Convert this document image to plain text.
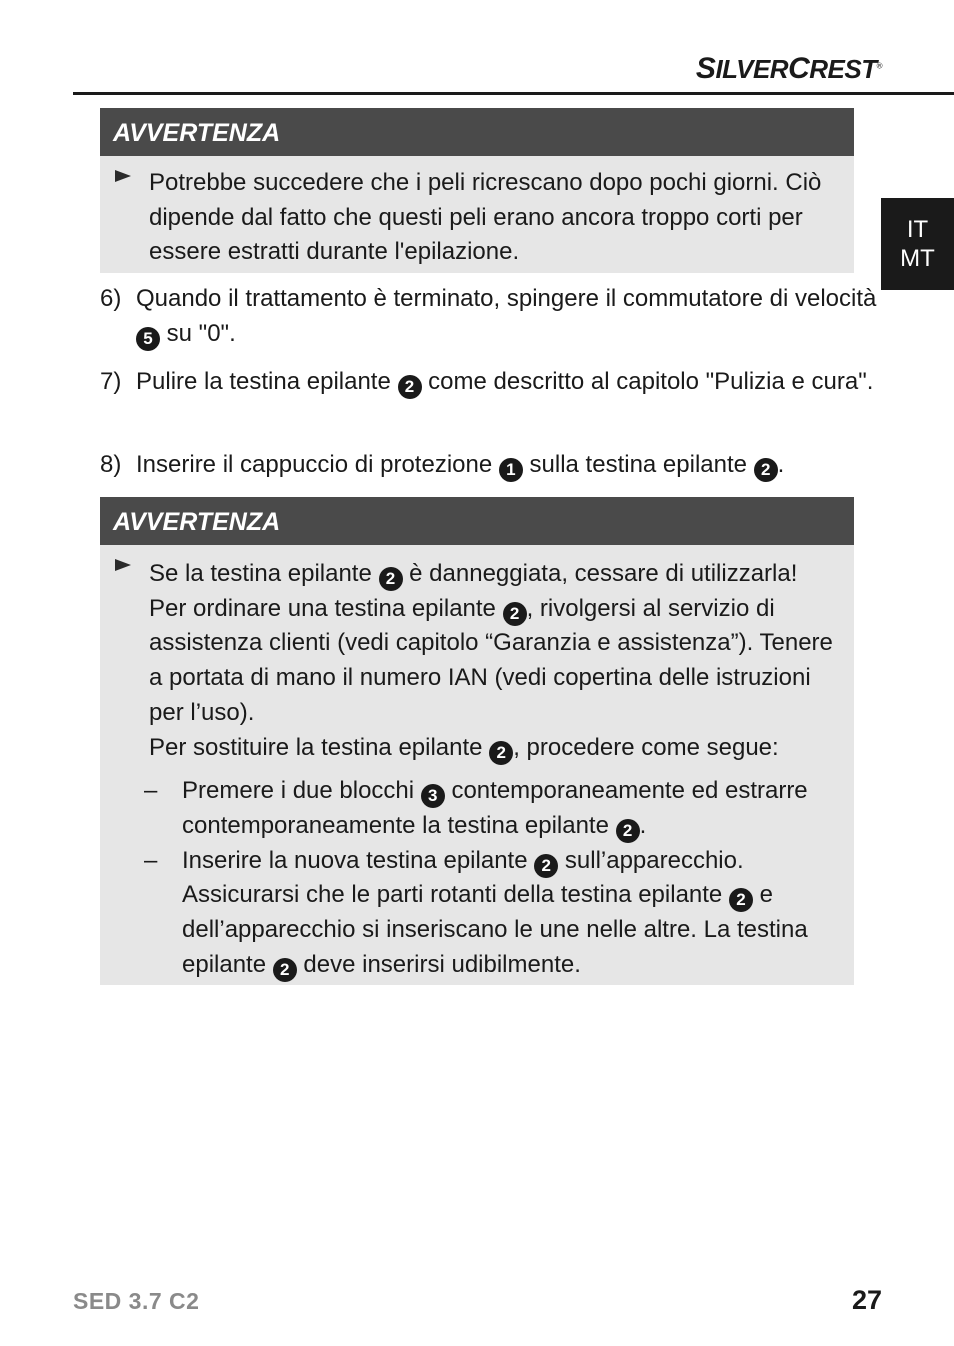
SILVERCREST®
IT
MT
AVVERTENZA
Potrebbe succedere che i peli ricrescano dopo pochi giorni. Ciò dipende dal fatto che questi peli erano ancora troppo corti per essere estratti durante l'epilazione.
6) Quando il trattamento è terminato, spingere il commutatore di velocità 5 su "0".
7) Pulire la testina epilante 2 come descritto al capitolo "Pulizia e cura".
8) Inserire il cappuccio di protezione 1 sulla testina epilante 2 .
AVVERTENZA
Se la testina epilante 2 è danneggiata, cessare di utilizzarla! Per ordinare una testina epilante 2 , rivolgersi al servizio di assistenza clienti (vedi capitolo “Garanzia e assistenza”). Tenere a portata di mano il numero IAN (vedi copertina delle istruzioni per l’uso).
Per sostituire la testina epilante 2 , procedere come segue:
– Premere i due blocchi 3 contemporaneamente ed estrarre contemporaneamente la testina epilante 2 .
– Inserire la nuova testina epilante 2 sull’apparecchio. Assicurarsi che le parti rotanti della testina epilante 2 e dell’apparecchio si inseriscano le une nelle altre. La testina epilante 2 deve inserirsi udibilmente.
SED 3.7 C2	27
